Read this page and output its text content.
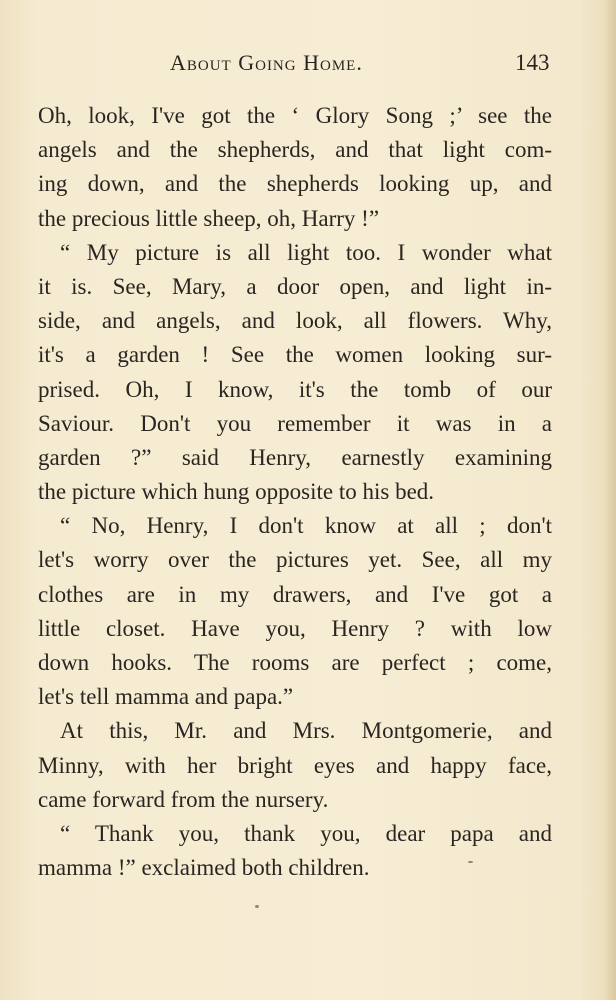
About Going Home.	143
Oh, look, I've got the ‘ Glory Song ;’ see the
angels and the shepherds, and that light com-
ing down, and the shepherds looking up, and
the precious little sheep, oh, Harry !”
“ My picture is all light too. I wonder what
it is. See, Mary, a door open, and light in-
side, and angels, and look, all flowers. Why,
it's a garden ! See the women looking sur-
prised. Oh, I know, it's the tomb of our
Saviour. Don't you remember it was in a
garden ?” said Henry, earnestly examining
the picture which hung opposite to his bed.
“ No, Henry, I don't know at all ; don't
let's worry over the pictures yet. See, all my
clothes are in my drawers, and I've got a
little closet. Have you, Henry ? with low
down hooks. The rooms are perfect ; come,
let's tell mamma and papa.”
At this, Mr. and Mrs. Montgomerie, and
Minny, with her bright eyes and happy face,
came forward from the nursery.
“ Thank you, thank you, dear papa and
mamma !” exclaimed both children.
